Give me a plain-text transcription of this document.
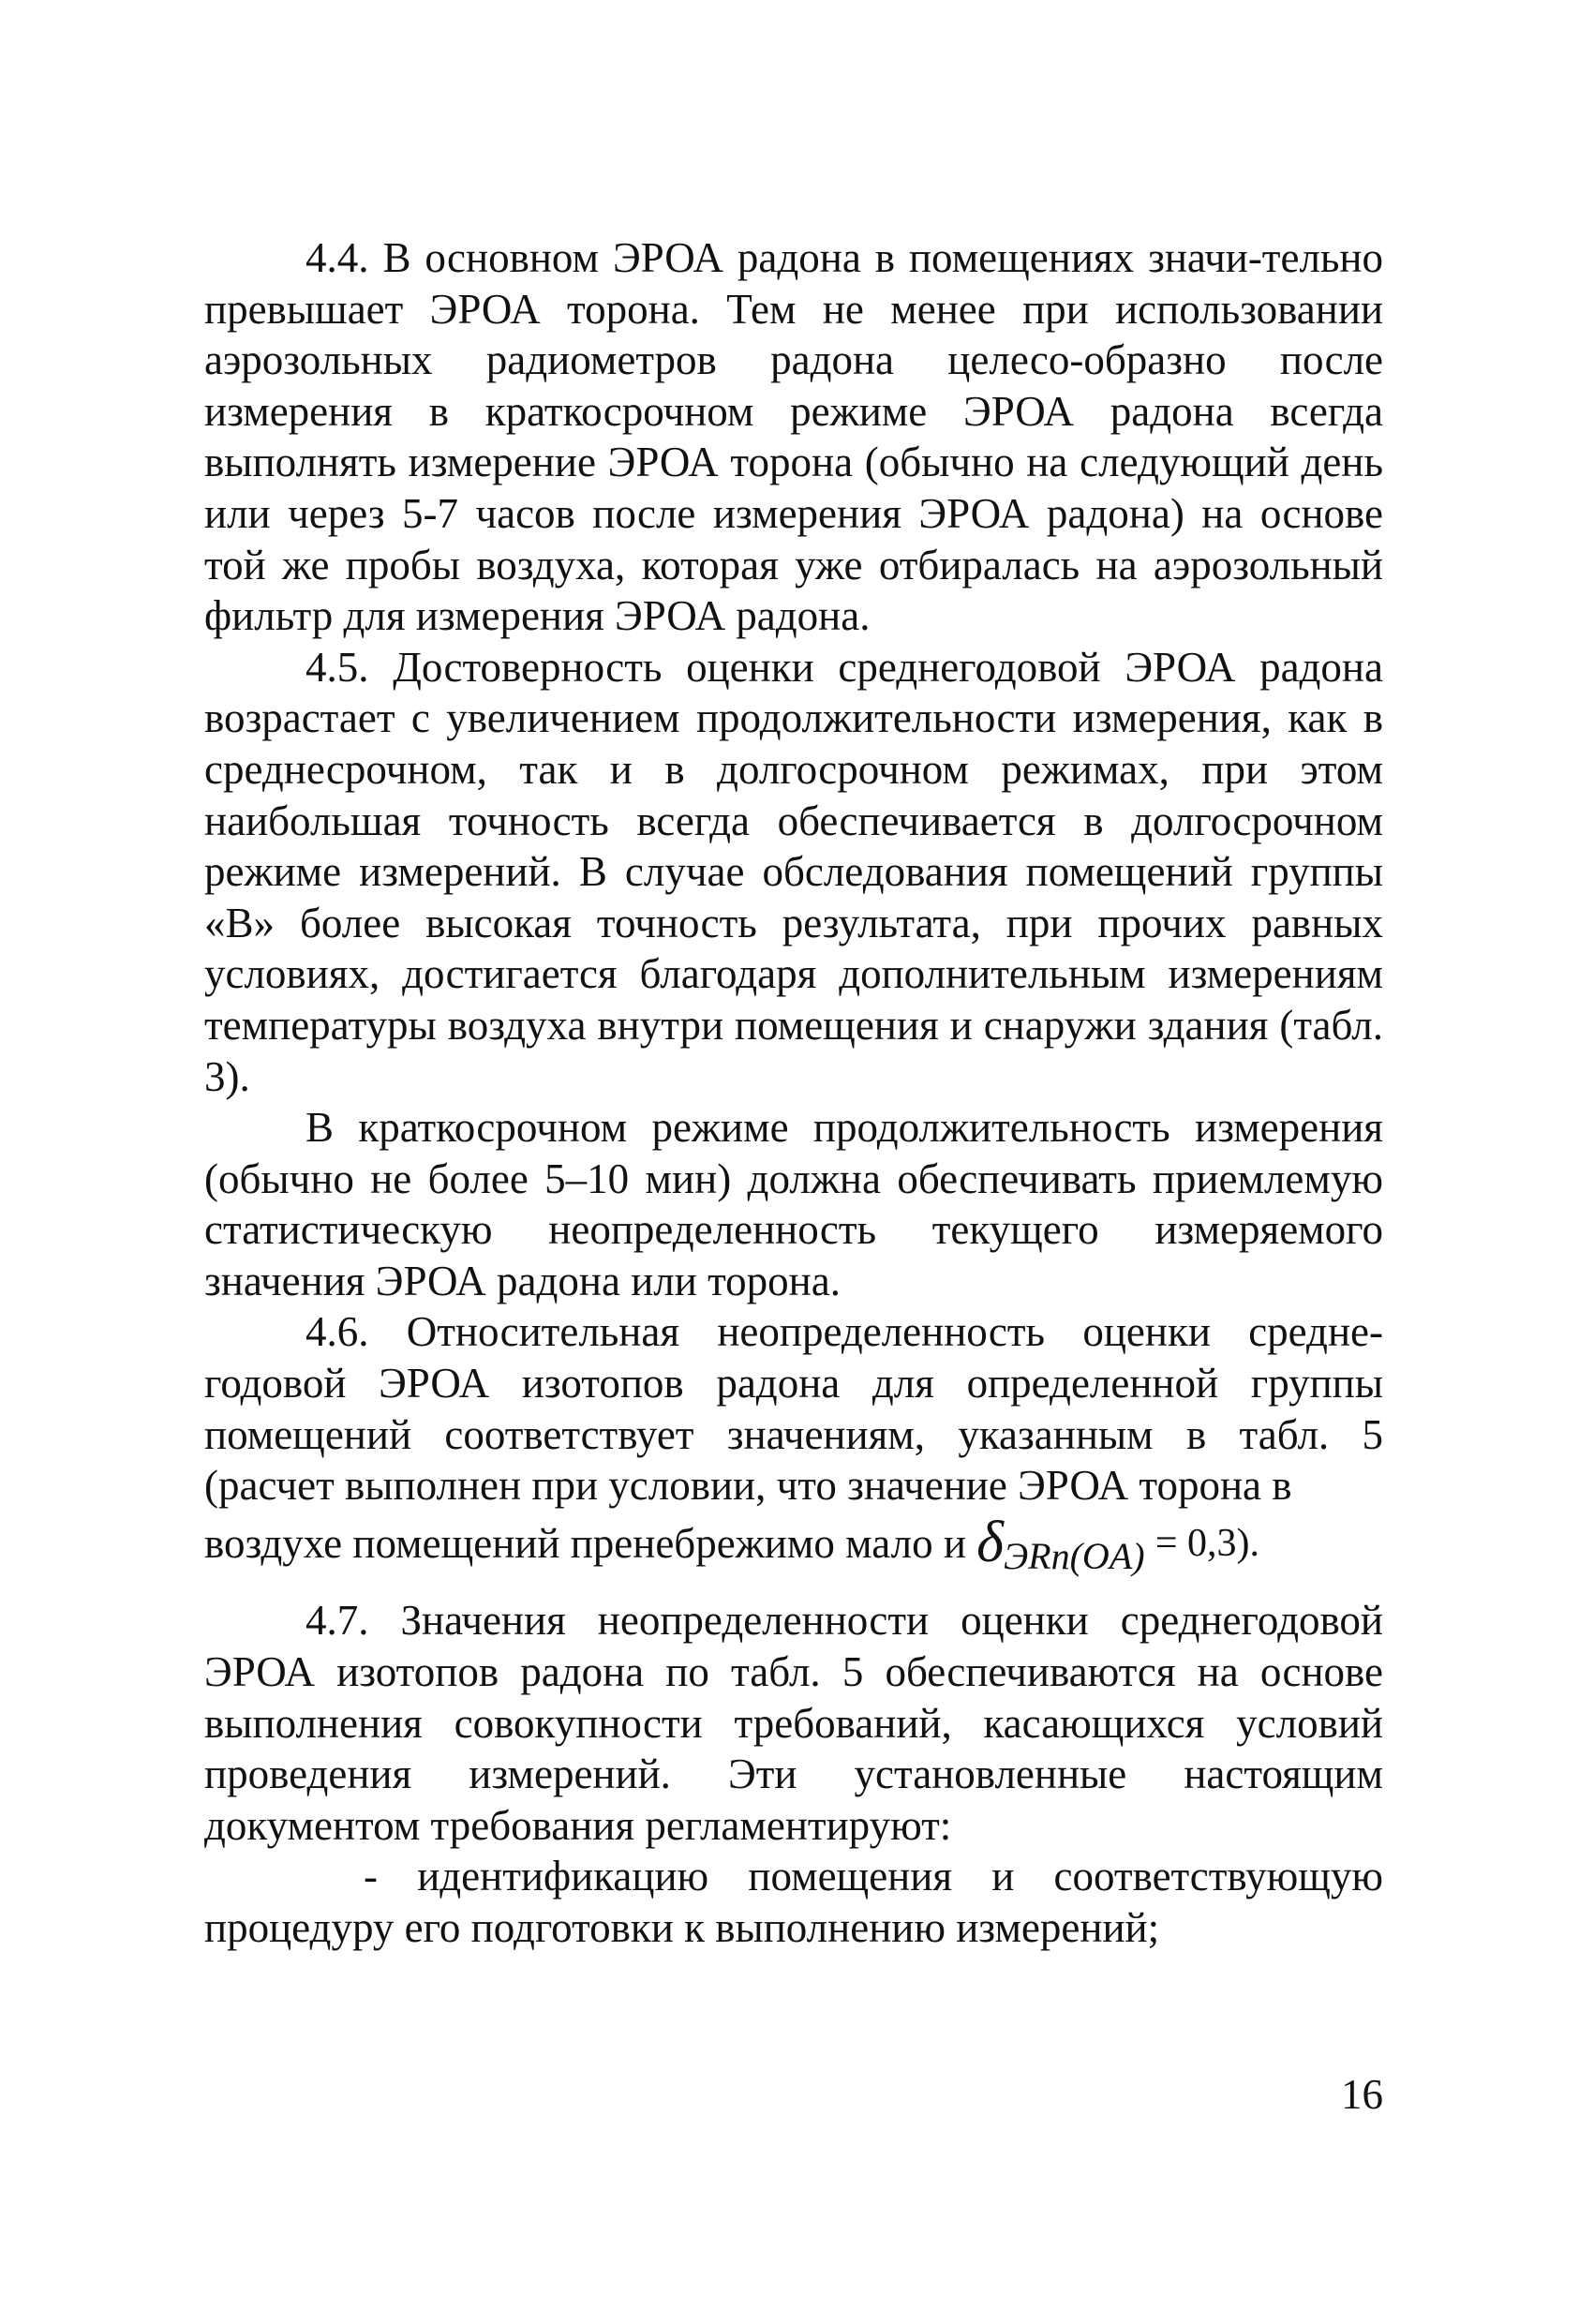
4.4. В основном ЭРОА радона в помещениях значи-тельно превышает ЭРОА торона. Тем не менее при использовании аэрозольных радиометров радона целесо-образно после измерения в краткосрочном режиме ЭРОА радона всегда выполнять измерение ЭРОА торона (обычно на следующий день или через 5-7 часов после измерения ЭРОА радона) на основе той же пробы воздуха, которая уже отбиралась на аэрозольный фильтр для измерения ЭРОА радона.

4.5. Достоверность оценки среднегодовой ЭРОА радона возрастает с увеличением продолжительности измерения, как в среднесрочном, так и в долгосрочном режимах, при этом наибольшая точность всегда обеспечивается в долгосрочном режиме измерений. В случае обследования помещений группы «В» более высокая точность результата, при прочих равных условиях, достигается благодаря дополнительным измерениям температуры воздуха внутри помещения и снаружи здания (табл. 3).

В краткосрочном режиме продолжительность измерения (обычно не более 5–10 мин) должна обеспечивать приемлемую статистическую неопределенность текущего измеряемого значения ЭРОА радона или торона.

4.6. Относительная неопределенность оценки средне-годовой ЭРОА изотопов радона для определенной группы помещений соответствует значениям, указанным в табл. 5 (расчет выполнен при условии, что значение ЭРОА торона в

воздухе помещений пренебрежимо мало и δЭRn(OA) = 0,3).

4.7. Значения неопределенности оценки среднегодовой ЭРОА изотопов радона по табл. 5 обеспечиваются на основе выполнения совокупности требований, касающихся условий проведения измерений. Эти установленные настоящим документом требования регламентируют:

- идентификацию помещения и соответствующую процедуру его подготовки к выполнению измерений;

16
